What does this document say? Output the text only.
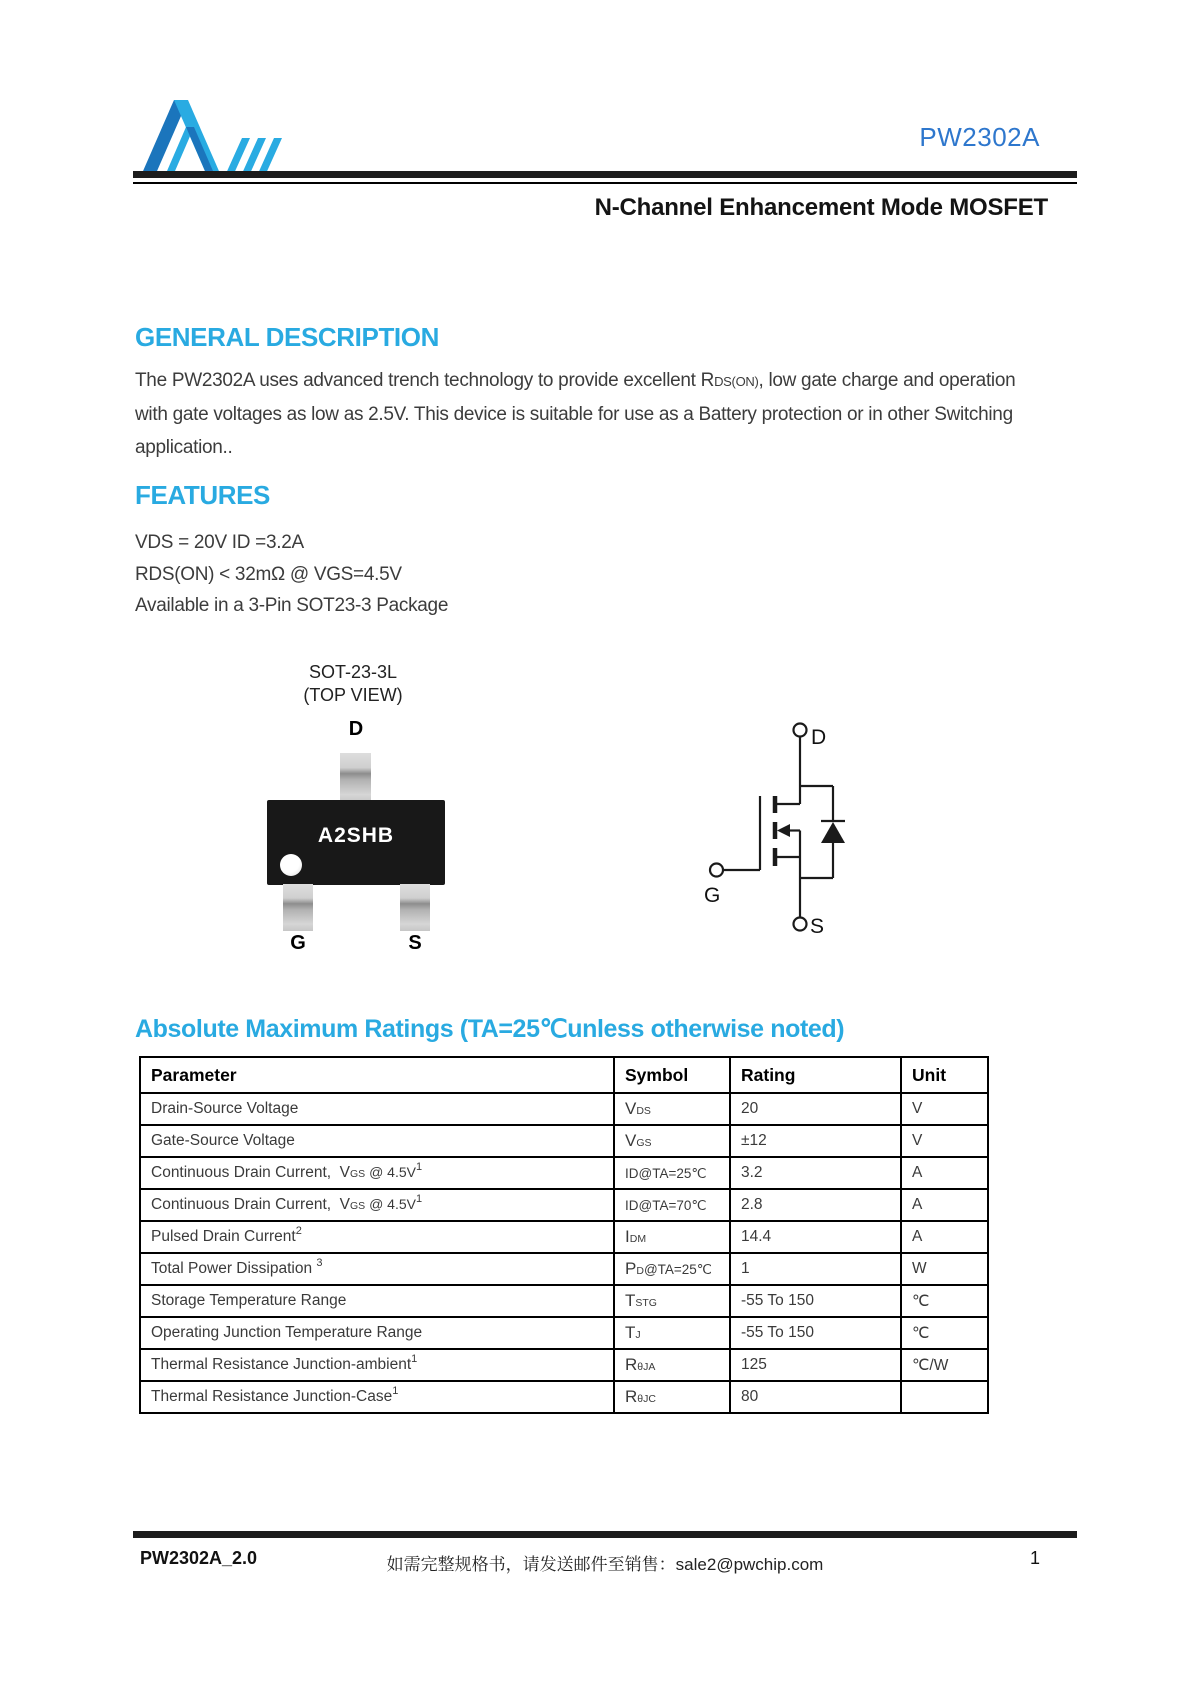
PW2302A
N-Channel Enhancement Mode MOSFET
GENERAL DESCRIPTION

The PW2302A uses advanced trench technology to provide excellent RDS(ON), low gate charge and operation with gate voltages as low as 2.5V. This device is suitable for use as a Battery protection or in other Switching application..

FEATURES
VDS = 20V ID =3.2A
RDS(ON) < 32mΩ @ VGS=4.5V
Available in a 3-Pin SOT23-3 Package
SOT-23-3L
(TOP VIEW)
D
A2SHB
G	S
D
G
S
Absolute Maximum Ratings (TA=25℃unless otherwise noted)
Parameter	Symbol	Rating	Unit
Drain-Source Voltage	VDS	20	V
Gate-Source Voltage	VGS	±12	V
Continuous Drain Current,  VGS @ $4.5V^1$	ID@TA=25℃	3.2	A
Continuous Drain Current,  VGS @ $4.5V^1$	ID@TA=70℃	2.8	A
Pulsed Drain Current$^2$	IDM	14.4	A
Total Power Dissipation $^3$	PD@TA=25℃	1	W
Storage Temperature Range	TSTG	-55 To 150	℃
Operating Junction Temperature Range	TJ	-55 To 150	℃
Thermal Resistance Junction-ambient$^1$	RθJA	125	℃/W
Thermal Resistance Junction-Case$^1$	RθJC	80	
PW2302A_2.0	如需完整规格书，请发送邮件至销售：sale2@pwchip.com	1
